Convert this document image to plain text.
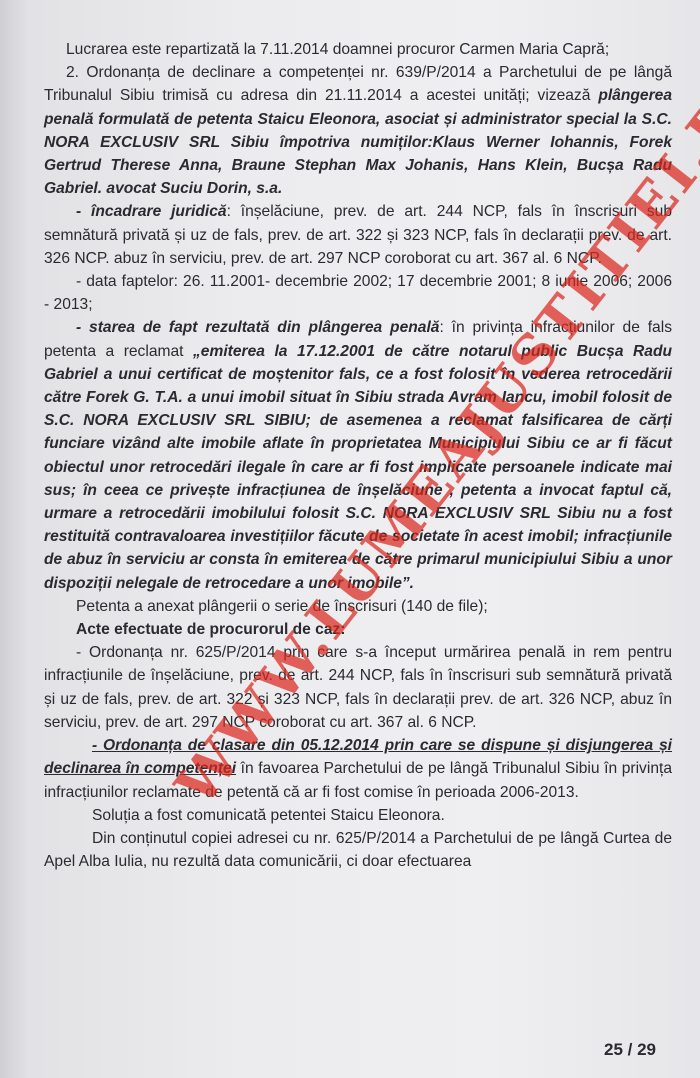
Lucrarea este repartizată la 7.11.2014 doamnei procuror Carmen Maria Capră;

2. Ordonanța de declinare a competenței nr. 639/P/2014 a Parchetului de pe lângă Tribunalul Sibiu trimisă cu adresa din 21.11.2014 a acestei unități; vizează plângerea penală formulată de petenta Staicu Eleonora, asociat și administrator special la S.C. NORA EXCLUSIV SRL Sibiu împotriva numiților:Klaus Werner Iohannis, Forek Gertrud Therese Anna, Braune Stephan Max Johanis, Hans Klein, Bucșa Radu Gabriel. avocat Suciu Dorin, s.a.

- încadrare juridică: înșelăciune, prev. de art. 244 NCP, fals în înscrisuri sub semnătură privată și uz de fals, prev. de art. 322 și 323 NCP, fals în declarații prev. de art. 326 NCP. abuz în serviciu, prev. de art. 297 NCP coroborat cu art. 367 al. 6 NCP.

- data faptelor: 26. 11.2001- decembrie 2002; 17 decembrie 2001; 8 iunie 2006; 2006 - 2013;

- starea de fapt rezultată din plângerea penală: în privința infracțiunilor de fals petenta a reclamat „emiterea la 17.12.2001 de către notarul public Bucșa Radu Gabriel a unui certificat de moștenitor fals, ce a fost folosit în vederea retrocedării către Forek G. T.A. a unui imobil situat în Sibiu strada Avram Iancu, imobil folosit de S.C. NORA EXCLUSIV SRL SIBIU; de asemenea a reclamat falsificarea de cărți funciare vizând alte imobile aflate în proprietatea Municipiului Sibiu ce ar fi făcut obiectul unor retrocedări ilegale în care ar fi fost implicate persoanele indicate mai sus; în ceea ce privește infracțiunea de înșelăciune , petenta a invocat faptul că, urmare a retrocedării imobilului folosit S.C. NORA EXCLUSIV SRL Sibiu nu a fost restituită contravaloarea investițiilor făcute de societate în acest imobil; infracțiunile de abuz în serviciu ar consta în emiterea de către primarul municipiului Sibiu a unor dispoziții nelegale de retrocedare a unor imobile”.

Petenta a anexat plângerii o serie de înscrisuri (140 de file);

Acte efectuate de procurorul de caz:

- Ordonanța nr. 625/P/2014 prin care s-a început urmărirea penală in rem pentru infracțiunile de înșelăciune, prev. de art. 244 NCP, fals în înscrisuri sub semnătură privată și uz de fals, prev. de art. 322 și 323 NCP, fals în declarații prev. de art. 326 NCP, abuz în serviciu, prev. de art. 297 NCP coroborat cu art. 367 al. 6 NCP.

- Ordonanța de clasare din 05.12.2014 prin care se dispune și disjungerea și declinarea în competenței în favoarea Parchetului de pe lângă Tribunalul Sibiu în privința infracțiunilor reclamate de petentă că ar fi fost comise în perioada 2006-2013.

Soluția a fost comunicată petentei Staicu Eleonora.

Din conținutul copiei adresei cu nr. 625/P/2014 a Parchetului de pe lângă Curtea de Apel Alba Iulia, nu rezultă data comunicării, ci doar efectuarea

25 / 29
